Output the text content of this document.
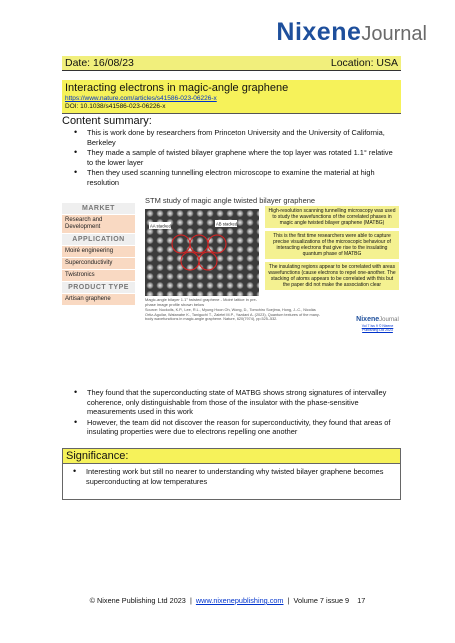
NixeneJournal
Date: 16/08/23	Location: USA
Interacting electrons in magic-angle graphene
https://www.nature.com/articles/s41586-023-06226-x
DOI: 10.1038/s41586-023-06226-x
Content summary:
• This is work done by researchers from Princeton University and the University of California, Berkeley
• They made a sample of twisted bilayer graphene where the top layer was rotated 1.1° relative to the lower layer
• Then they used scanning tunnelling electron microscope to examine the material at high resolution
STM study of magic angle twisted bilayer graphene
MARKET
Research and Development
APPLICATION
Moiré engineering
Superconductivity
Twistronics
PRODUCT TYPE
Artisan graphene
AA stacked	AB stacked
Magic-angle bilayer 1.1° twisted graphene - Moiré lattice in pre-phase image profile shown below
High-resolution scanning tunnelling microscopy was used to study the wavefunctions of the correlated phases in magic angle twisted bilayer graphene (MATBG)
This is the first time researchers were able to capture precise visualizations of the microscopic behaviour of interacting electrons that give rise to the insulating quantum phase of MATBG
The insulating regions appear to be correlated with areas wavefunctions (cause electrons to repel one-another. The stacking of atoms appears to be correlated with this but the paper did not make the association clear
Source: Nuckolls, K.P., Lee, R.L., Myung Hoon Oh, Wong, D., Tomohiro Soejima, Hong, J.-C., Nicolás Ortiz-Aguilar, Watanabe K., Taniguchi T., Zaletel M.P., Yazdani A. (2023), Quantum textures of the many-body wavefunctions in magic-angle graphene. Nature, 620(7974), pp.525–532.	NixeneJournal
Vol 7 Iss 9 © Nixene Publishing Ltd 2023
• They found that the superconducting state of MATBG shows strong signatures of intervalley coherence, only distinguishable from those of the insulator with the phase-sensitive measurements used in this work
• However, the team did not discover the reason for superconductivity, they found that areas of insulating properties were due to electrons repelling one another
Significance:
• Interesting work but still no nearer to understanding why twisted bilayer graphene becomes superconducting at low temperatures
© Nixene Publishing Ltd 2023 | www.nixenepublishing.com | Volume 7 issue 9 17
